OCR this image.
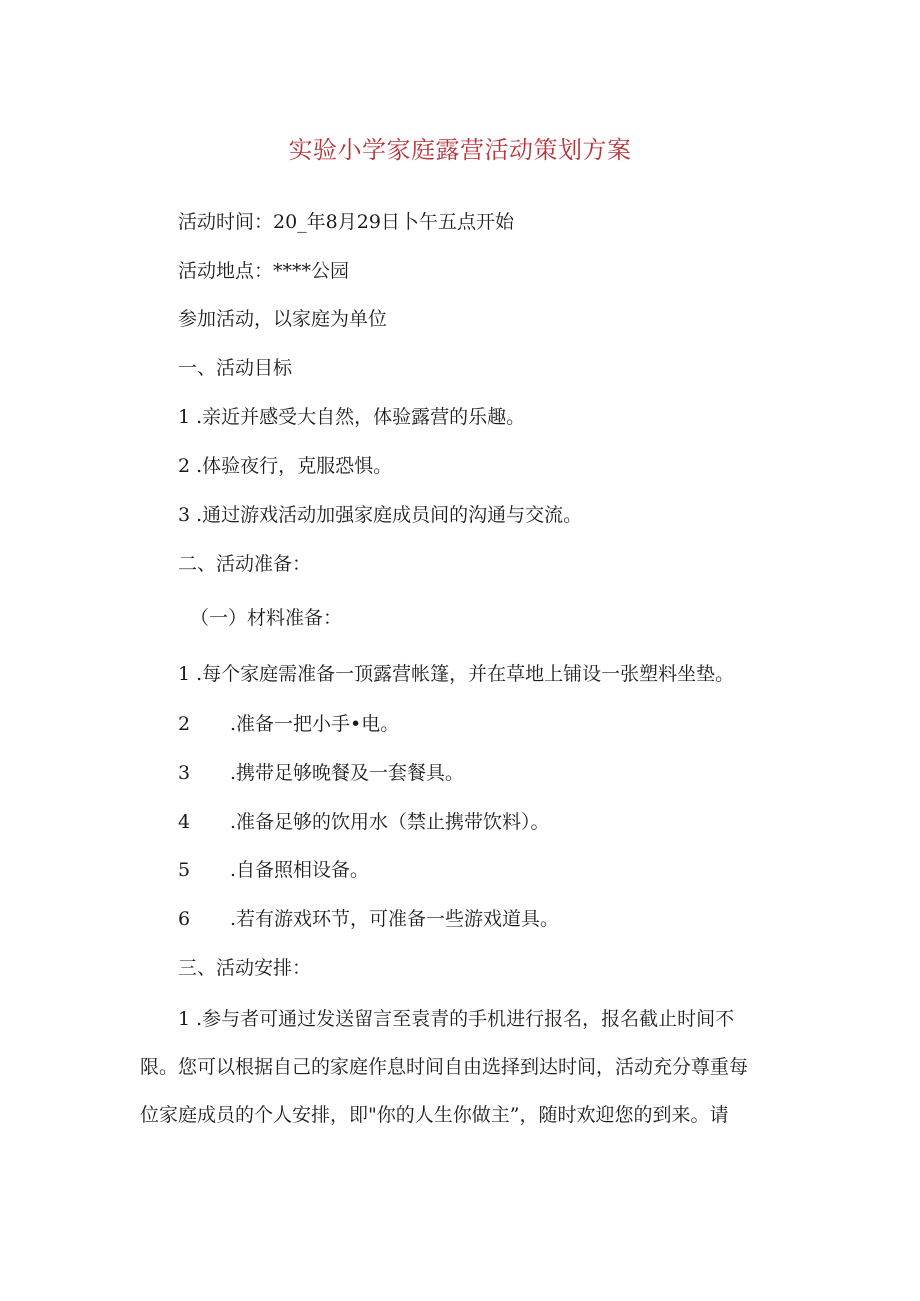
实验小学家庭露营活动策划方案
活动时间：20_年8月29日卜午五点开始
活动地点：****公园
参加活动，以家庭为单位
一、活动目标
1 .亲近并感受大自然，体验露营的乐趣。
2 .体验夜行，克服恐惧。
3 .通过游戏活动加强家庭成员间的沟通与交流。
二、活动准备：
（一）材料准备：
1 .每个家庭需准备一顶露营帐篷，并在草地上铺设一张塑料坐垫。
2 .准备一把小手•电。
3 .携带足够晚餐及一套餐具。
4 .准备足够的饮用水（禁止携带饮料）。
5 .自备照相设备。
6 .若有游戏环节，可准备一些游戏道具。
三、活动安排：
1 .参与者可通过发送留言至袁青的手机进行报名，报名截止时间不
限。您可以根据自己的家庭作息时间自由选择到达时间，活动充分尊重每
位家庭成员的个人安排，即"你的人生你做主”，随时欢迎您的到来。请
